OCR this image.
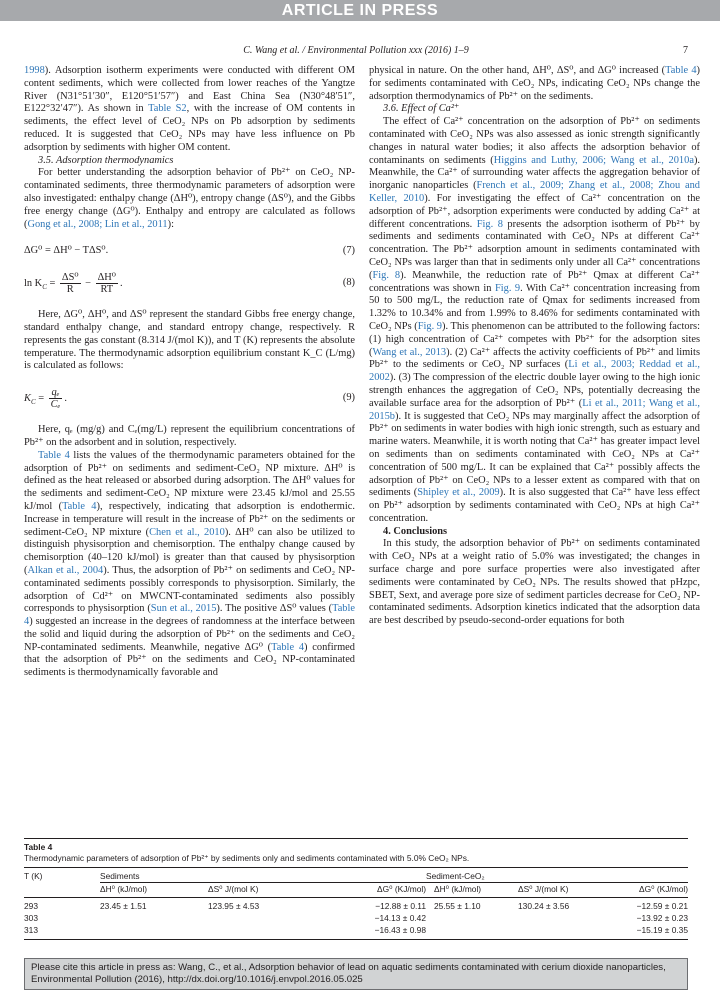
ARTICLE IN PRESS
C. Wang et al. / Environmental Pollution xxx (2016) 1–9	7

1998). Adsorption isotherm experiments were conducted with different OM content sediments, which were collected from lower reaches of the Yangtze River (N31°51′30″, E120°51′57″) and East China Sea (N30°48′51″, E122°32′47″). As shown in Table S2, with the increase of OM contents in sediments, the effect level of CeO₂ NPs on Pb adsorption by sediments reduced. It is suggested that CeO₂ NPs may have less influence on Pb adsorption by sediments with higher OM content.

3.5. Adsorption thermodynamics

For better understanding the adsorption behavior of Pb²⁺ on CeO₂ NP-contaminated sediments, three thermodynamic parameters of adsorption were also investigated: enthalpy change (ΔH⁰), entropy change (ΔS⁰), and the Gibbs free energy change (ΔG⁰). Enthalpy and entropy are calculated as follows (Gong et al., 2008; Lin et al., 2011):

ΔG⁰ = ΔH⁰ − TΔS⁰.	(7)
$\ln K_C = \frac{\text{ΔS⁰}}{R} - \frac{\text{ΔH⁰}}{RT}$ .	(8)

Here, ΔG⁰, ΔH⁰, and ΔS⁰ represent the standard Gibbs free energy change, standard enthalpy change, and standard entropy change, respectively. R represents the gas constant (8.314 J/(mol K)), and T (K) represents the absolute temperature. The thermodynamic adsorption equilibrium constant K_C (L/mg) is calculated as follows:

$K_C = \frac{\text{qₑ}}{\text{Cₑ}}$ .	(9)

Here, qₑ (mg/g) and Cₑ(mg/L) represent the equilibrium concentrations of Pb²⁺ on the adsorbent and in solution, respectively.

Table 4 lists the values of the thermodynamic parameters obtained for the adsorption of Pb²⁺ on sediments and sediment-CeO₂ NP mixture. ΔH⁰ is defined as the heat released or absorbed during adsorption. The ΔH⁰ values for the sediments and sediment-CeO₂ NP mixture were 23.45 kJ/mol and 25.55 kJ/mol (Table 4), respectively, indicating that adsorption is endothermic. Increase in temperature will result in the increase of Pb²⁺ on the sediments or sediment-CeO₂ NP mixture (Chen et al., 2010). ΔH⁰ can also be utilized to distinguish physisorption and chemisorption. The enthalpy change caused by chemisorption (40–120 kJ/mol) is greater than that caused by physisorption (Alkan et al., 2004). Thus, the adsorption of Pb²⁺ on sediments and CeO₂ NP-contaminated sediments possibly corresponds to physisorption. Similarly, the adsorption of Cd²⁺ on MWCNT-contaminated sediments also possibly corresponds to physisorption (Sun et al., 2015). The positive ΔS⁰ values (Table 4) suggested an increase in the degrees of randomness at the interface between the solid and liquid during the adsorption of Pb²⁺ on the sediments and CeO₂ NP-contaminated sediments. Meanwhile, negative ΔG⁰ (Table 4) confirmed that the adsorption of Pb²⁺ on the sediments and CeO₂ NP-contaminated sediments is thermodynamically favorable and

physical in nature. On the other hand, ΔH⁰, ΔS⁰, and ΔG⁰ increased (Table 4) for sediments contaminated with CeO₂ NPs, indicating CeO₂ NPs change the adsorption thermodynamics of Pb²⁺ on the sediments.

3.6. Effect of Ca²⁺

The effect of Ca²⁺ concentration on the adsorption of Pb²⁺ on sediments contaminated with CeO₂ NPs was also assessed as ionic strength significantly changes in natural water bodies; it also affects the adsorption behavior of contaminants on sediments (Higgins and Luthy, 2006; Wang et al., 2010a). Meanwhile, the Ca²⁺ of surrounding water affects the aggregation behavior of inorganic nanoparticles (French et al., 2009; Zhang et al., 2008; Zhou and Keller, 2010). For investigating the effect of Ca²⁺ concentration on the adsorption of Pb²⁺, adsorption experiments were conducted by adding Ca²⁺ at different concentrations. Fig. 8 presents the adsorption isotherm of Pb²⁺ by sediments and sediments contaminated with CeO₂ NPs at different Ca²⁺ concentration. The Pb²⁺ adsorption amount in sediments contaminated with CeO₂ NPs was larger than that in sediments only under all Ca²⁺ concentrations (Fig. 8). Meanwhile, the reduction rate of Pb²⁺ Qmax at different Ca²⁺ concentrations was shown in Fig. 9. With Ca²⁺ concentration increasing from 50 to 500 mg/L, the reduction rate of Qmax for sediments increased from 1.32% to 10.34% and from 1.99% to 8.46% for sediments contaminated with CeO₂ NPs (Fig. 9). This phenomenon can be attributed to the following factors: (1) high concentration of Ca²⁺ competes with Pb²⁺ for the adsorption sites (Wang et al., 2013). (2) Ca²⁺ affects the activity coefficients of Pb²⁺ and limits Pb²⁺ to the sediments or CeO₂ NP surfaces (Li et al., 2003; Reddad et al., 2002). (3) The compression of the electric double layer owing to the high ionic strength enhances the aggregation of CeO₂ NPs, potentially decreasing the available surface area for the adsorption of Pb²⁺ (Li et al., 2011; Wang et al., 2015b). It is suggested that CeO₂ NPs may marginally affect the adsorption of Pb²⁺ on sediments in water bodies with high ionic strength, such as estuary and marine waters. Meanwhile, it is worth noting that Ca²⁺ has greater impact level on sediments than on sediments contaminated with CeO₂ NPs at Ca²⁺ concentration of 500 mg/L. It can be explained that Ca²⁺ possibly affects the adsorption of Pb²⁺ on CeO₂ NPs to a lesser extent as compared with that on sediments (Shipley et al., 2009). It is also suggested that Ca²⁺ have less effect on Pb²⁺ adsorption by sediments contaminated with CeO₂ NPs at high Ca²⁺ concentration.

4. Conclusions

In this study, the adsorption behavior of Pb²⁺ on sediments contaminated with CeO₂ NPs at a weight ratio of 5.0% was investigated; the changes in surface charge and pore surface properties were also investigated after sediments were contaminated by CeO₂ NPs. The results showed that pHzpc, SBET, Sext, and average pore size of sediment particles decrease for CeO₂ NP-contaminated sediments. Adsorption kinetics indicated that the adsorption data are best described by pseudo-second-order equations for both

Table 4
Thermodynamic parameters of adsorption of Pb²⁺ by sediments only and sediments contaminated with 5.0% CeO₂ NPs.
T (K)	Sediments			Sediment-CeO₂		
	ΔH⁰ (kJ/mol)	ΔS⁰ J/(mol K)	ΔG⁰ (KJ/mol)	ΔH⁰ (kJ/mol)	ΔS⁰ J/(mol K)	ΔG⁰ (KJ/mol)
293	23.45 ± 1.51	123.95 ± 4.53	−12.88 ± 0.11	25.55 ± 1.10	130.24 ± 3.56	−12.59 ± 0.21
303			−14.13 ± 0.42			−13.92 ± 0.23
313			−16.43 ± 0.98			−15.19 ± 0.35
Please cite this article in press as: Wang, C., et al., Adsorption behavior of lead on aquatic sediments contaminated with cerium dioxide nanoparticles, Environmental Pollution (2016), http://dx.doi.org/10.1016/j.envpol.2016.05.025
